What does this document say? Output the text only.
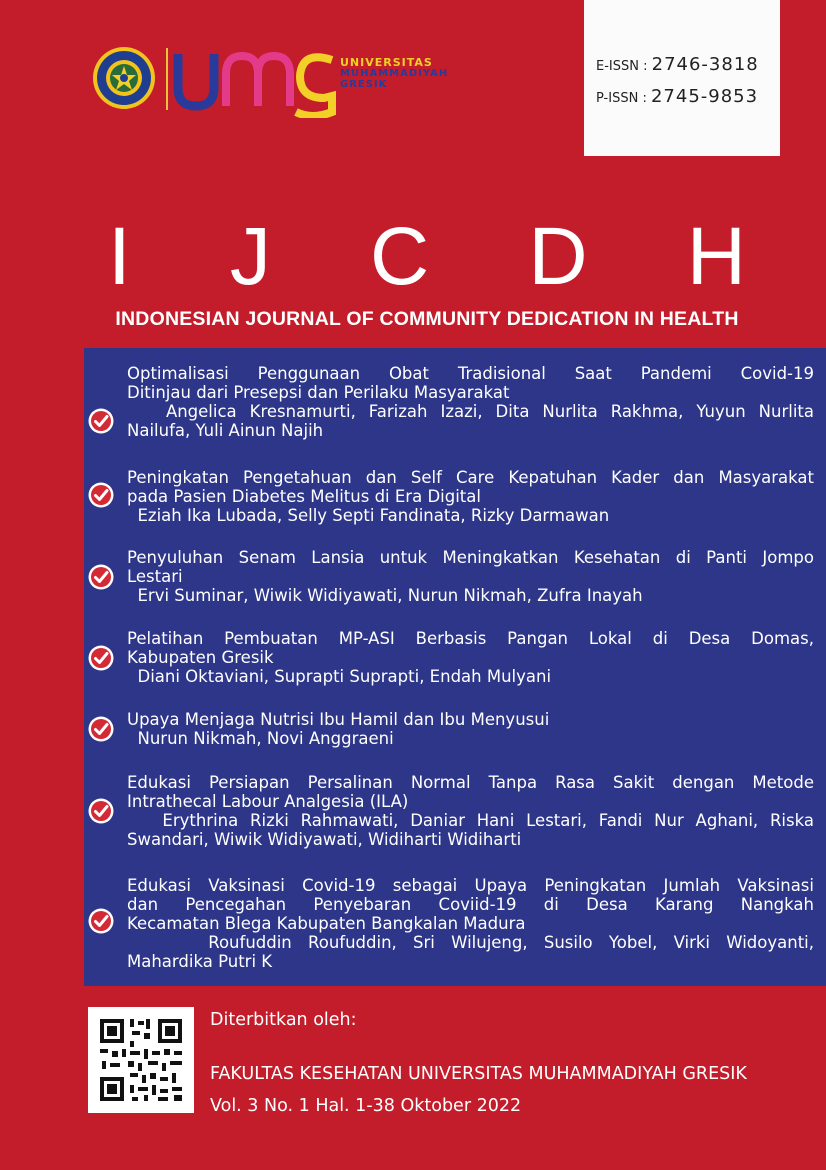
UNIVERSITAS
MUHAMMADIYAH
GRESIK
E-ISSN : 2746-3818
P-ISSN : 2745-9853
I J C D H
INDONESIAN JOURNAL OF COMMUNITY DEDICATION IN HEALTH
Optimalisasi Penggunaan Obat Tradisional Saat Pandemi Covid-19
Ditinjau dari Presepsi dan Perilaku Masyarakat
Angelica Kresnamurti, Farizah Izazi, Dita Nurlita Rakhma, Yuyun Nurlita
Nailufa, Yuli Ainun Najih
Peningkatan Pengetahuan dan Self Care Kepatuhan Kader dan Masyarakat
pada Pasien Diabetes Melitus di Era Digital
Eziah Ika Lubada, Selly Septi Fandinata, Rizky Darmawan
Penyuluhan Senam Lansia untuk Meningkatkan Kesehatan di Panti Jompo
Lestari
Ervi Suminar, Wiwik Widiyawati, Nurun Nikmah, Zufra Inayah
Pelatihan Pembuatan MP-ASI Berbasis Pangan Lokal di Desa Domas,
Kabupaten Gresik
Diani Oktaviani, Suprapti Suprapti, Endah Mulyani
Upaya Menjaga Nutrisi Ibu Hamil dan Ibu Menyusui
Nurun Nikmah, Novi Anggraeni
Edukasi Persiapan Persalinan Normal Tanpa Rasa Sakit dengan Metode
Intrathecal Labour Analgesia (ILA)
Erythrina Rizki Rahmawati, Daniar Hani Lestari, Fandi Nur Aghani, Riska
Swandari, Wiwik Widiyawati, Widiharti Widiharti
Edukasi Vaksinasi Covid-19 sebagai Upaya Peningkatan Jumlah Vaksinasi
dan Pencegahan Penyebaran Coviid-19 di Desa Karang Nangkah
Kecamatan Blega Kabupaten Bangkalan Madura
Roufuddin Roufuddin, Sri Wilujeng, Susilo Yobel, Virki Widoyanti,
Mahardika Putri K
Diterbitkan oleh:
FAKULTAS KESEHATAN UNIVERSITAS MUHAMMADIYAH GRESIK
Vol. 3 No. 1 Hal. 1-38 Oktober 2022
